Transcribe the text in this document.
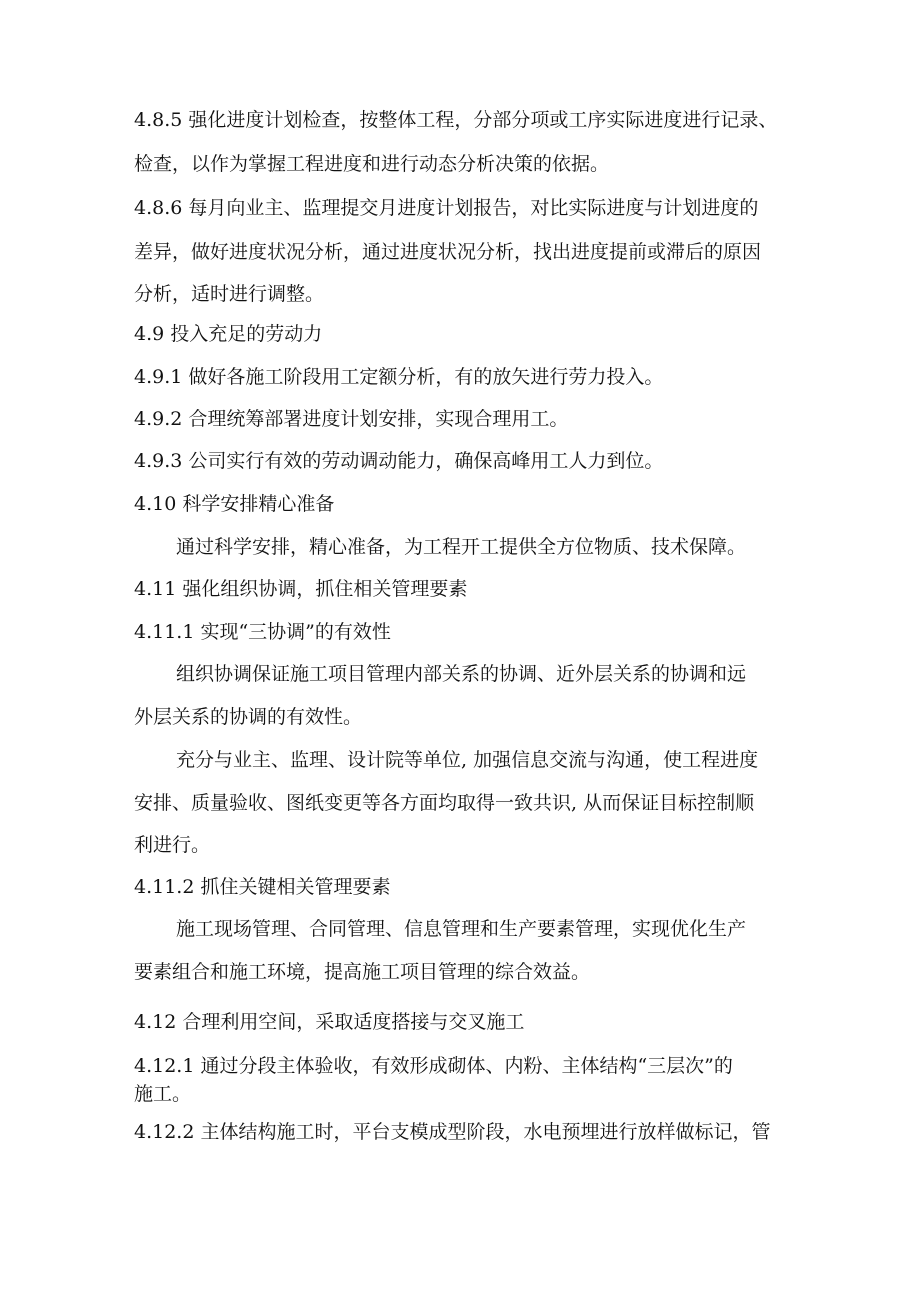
4.8.5 强化进度计划检查，按整体工程，分部分项或工序实际进度进行记录、
检查，以作为掌握工程进度和进行动态分析决策的依据。
4.8.6 每月向业主、监理提交月进度计划报告，对比实际进度与计划进度的
差异，做好进度状况分析，通过进度状况分析，找出进度提前或滞后的原因
分析，适时进行调整。
4.9 投入充足的劳动力
4.9.1 做好各施工阶段用工定额分析，有的放矢进行劳力投入。
4.9.2 合理统筹部署进度计划安排，实现合理用工。
4.9.3 公司实行有效的劳动调动能力，确保高峰用工人力到位。
4.10 科学安排精心准备
通过科学安排，精心准备，为工程开工提供全方位物质、技术保障。
4.11 强化组织协调，抓住相关管理要素
4.11.1 实现“三协调”的有效性
组织协调保证施工项目管理内部关系的协调、近外层关系的协调和远
外层关系的协调的有效性。
充分与业主、监理、设计院等单位, 加强信息交流与沟通，使工程进度
安排、质量验收、图纸变更等各方面均取得一致共识, 从而保证目标控制顺
利进行。
4.11.2 抓住关键相关管理要素
施工现场管理、合同管理、信息管理和生产要素管理，实现优化生产
要素组合和施工环境，提高施工项目管理的综合效益。
4.12 合理利用空间，采取适度搭接与交叉施工
4.12.1 通过分段主体验收，有效形成砌体、内粉、主体结构“三层次”的
施工。
4.12.2 主体结构施工时，平台支模成型阶段，水电预埋进行放样做标记，管
